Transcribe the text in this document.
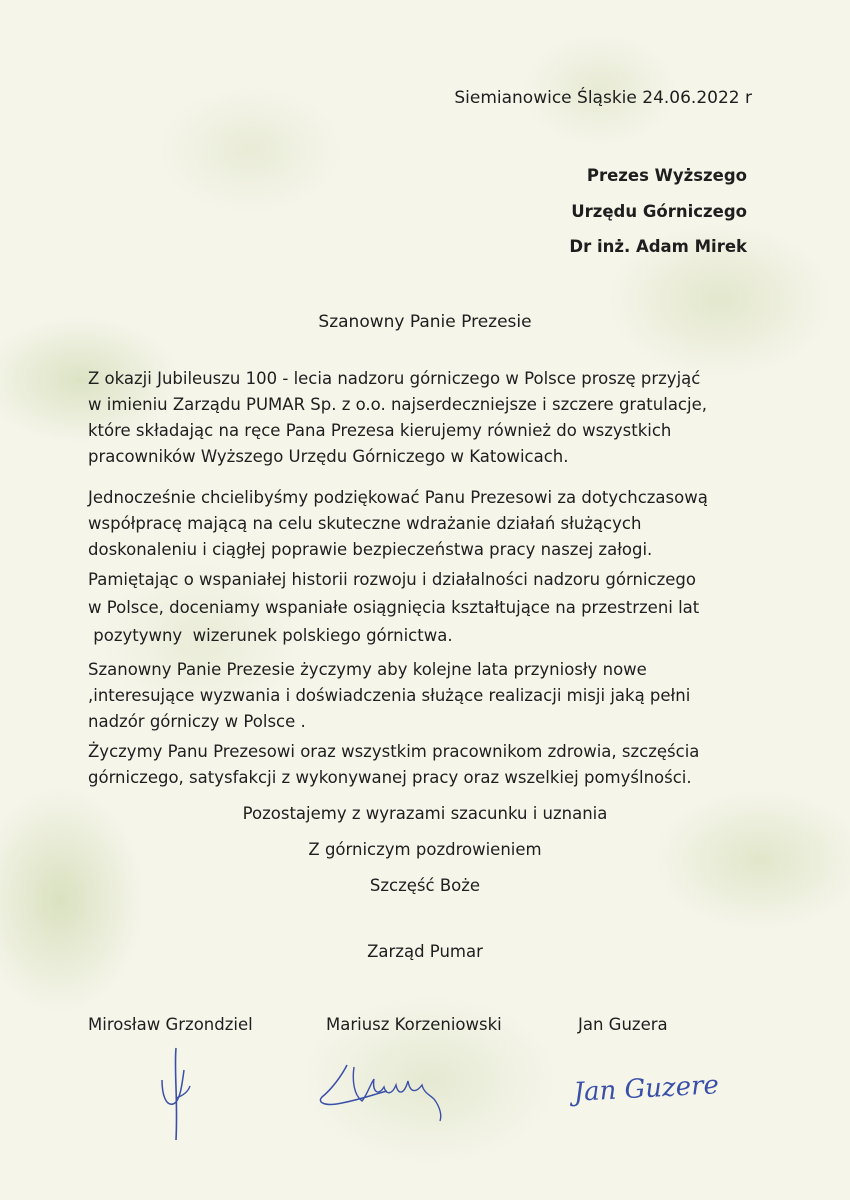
Siemianowice Śląskie 24.06.2022 r
Prezes Wyższego
Urzędu Górniczego
Dr inż. Adam Mirek
Szanowny Panie Prezesie
Z okazji Jubileuszu 100 - lecia nadzoru górniczego w Polsce proszę przyjąć
w imieniu Zarządu PUMAR Sp. z o.o. najserdeczniejsze i szczere gratulacje,
które składając na ręce Pana Prezesa kierujemy również do wszystkich
pracowników Wyższego Urzędu Górniczego w Katowicach.
Jednocześnie chcielibyśmy podziękować Panu Prezesowi za dotychczasową
współpracę mającą na celu skuteczne wdrażanie działań służących
doskonaleniu i ciągłej poprawie bezpieczeństwa pracy naszej załogi.
Pamiętając o wspaniałej historii rozwoju i działalności nadzoru górniczego
w Polsce, doceniamy wspaniałe osiągnięcia kształtujące na przestrzeni lat
pozytywny  wizerunek polskiego górnictwa.
Szanowny Panie Prezesie życzymy aby kolejne lata przyniosły nowe
,interesujące wyzwania i doświadczenia służące realizacji misji jaką pełni
nadzór górniczy w Polsce .
Życzymy Panu Prezesowi oraz wszystkim pracownikom zdrowia, szczęścia
górniczego, satysfakcji z wykonywanej pracy oraz wszelkiej pomyślności.
Pozostajemy z wyrazami szacunku i uznania
Z górniczym pozdrowieniem
Szczęść Boże
Zarząd Pumar
Mirosław Grzondziel	Mariusz Korzeniowski	Jan Guzera
Jan Guzere
